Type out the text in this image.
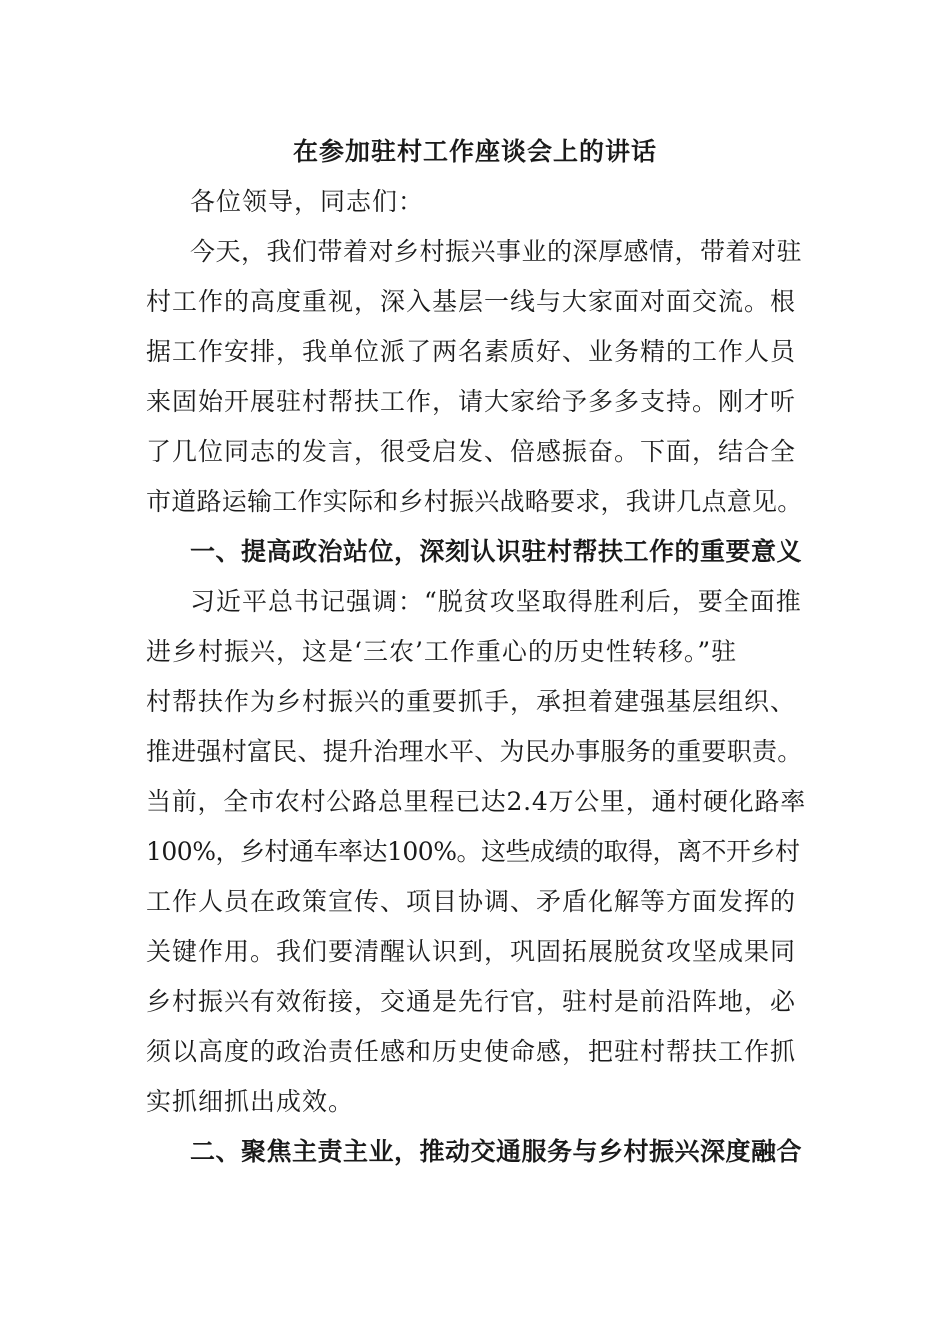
在参加驻村工作座谈会上的讲话
各位领导，同志们：
今天，我们带着对乡村振兴事业的深厚感情，带着对驻
村工作的高度重视，深入基层一线与大家面对面交流。根
据工作安排，我单位派了两名素质好、业务精的工作人员
来固始开展驻村帮扶工作，请大家给予多多支持。刚才听
了几位同志的发言，很受启发、倍感振奋。下面，结合全
市道路运输工作实际和乡村振兴战略要求，我讲几点意见。
一、提高政治站位，深刻认识驻村帮扶工作的重要意义
习近平总书记强调：“脱贫攻坚取得胜利后，要全面推
进乡村振兴，这是‘三农’工作重心的历史性转移。”驻
村帮扶作为乡村振兴的重要抓手，承担着建强基层组织、
推进强村富民、提升治理水平、为民办事服务的重要职责。
当前，全市农村公路总里程已达2.4万公里，通村硬化路率
100%，乡村通车率达100%。这些成绩的取得，离不开乡村
工作人员在政策宣传、项目协调、矛盾化解等方面发挥的
关键作用。我们要清醒认识到，巩固拓展脱贫攻坚成果同
乡村振兴有效衔接，交通是先行官，驻村是前沿阵地，必
须以高度的政治责任感和历史使命感，把驻村帮扶工作抓
实抓细抓出成效。
二、聚焦主责主业，推动交通服务与乡村振兴深度融合
